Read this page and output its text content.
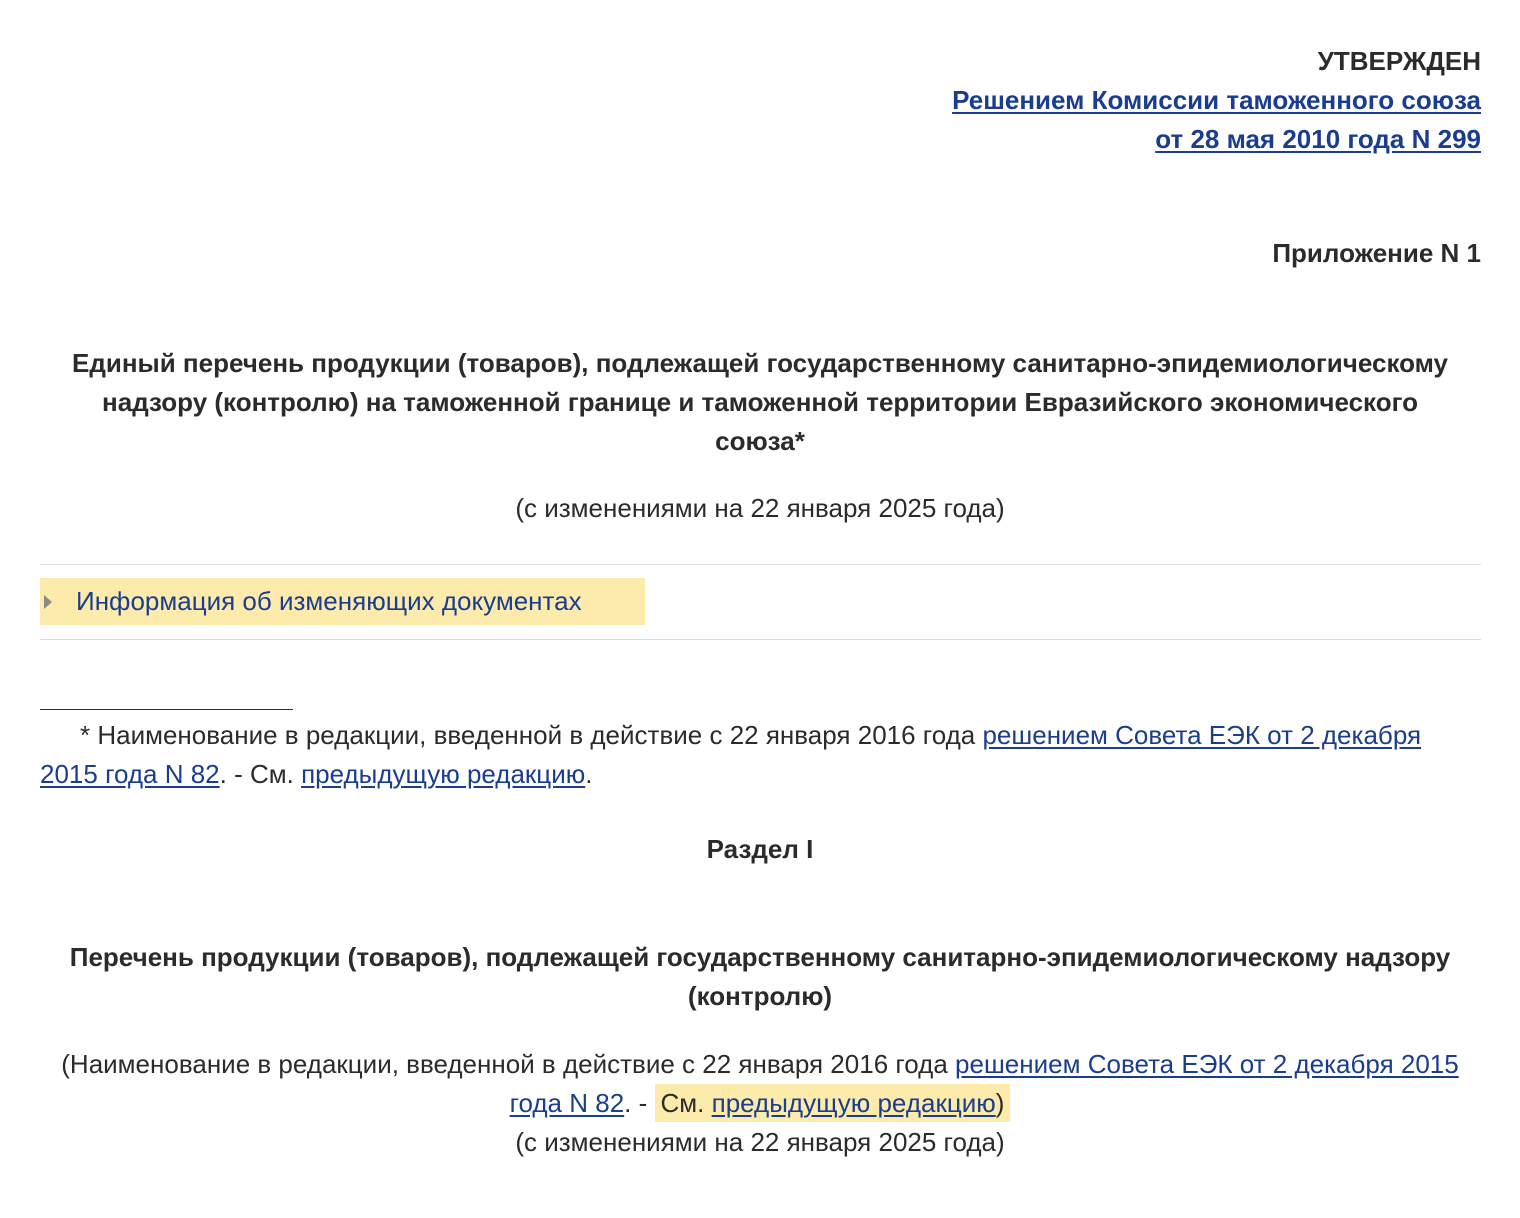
УТВЕРЖДЕН
Решением Комиссии таможенного союза
от 28 мая 2010 года N 299
Приложение N 1
Единый перечень продукции (товаров), подлежащей государственному санитарно-эпидемиологическому надзору (контролю) на таможенной границе и таможенной территории Евразийского экономического союза*
(с изменениями на 22 января 2025 года)
Информация об изменяющих документах
* Наименование в редакции, введенной в действие с 22 января 2016 года решением Совета ЕЭК от 2 декабря 2015 года N 82. - См. предыдущую редакцию.
Раздел I
Перечень продукции (товаров), подлежащей государственному санитарно-эпидемиологическому надзору (контролю)
(Наименование в редакции, введенной в действие с 22 января 2016 года решением Совета ЕЭК от 2 декабря 2015 года N 82. - См. предыдущую редакцию)
(с изменениями на 22 января 2025 года)
